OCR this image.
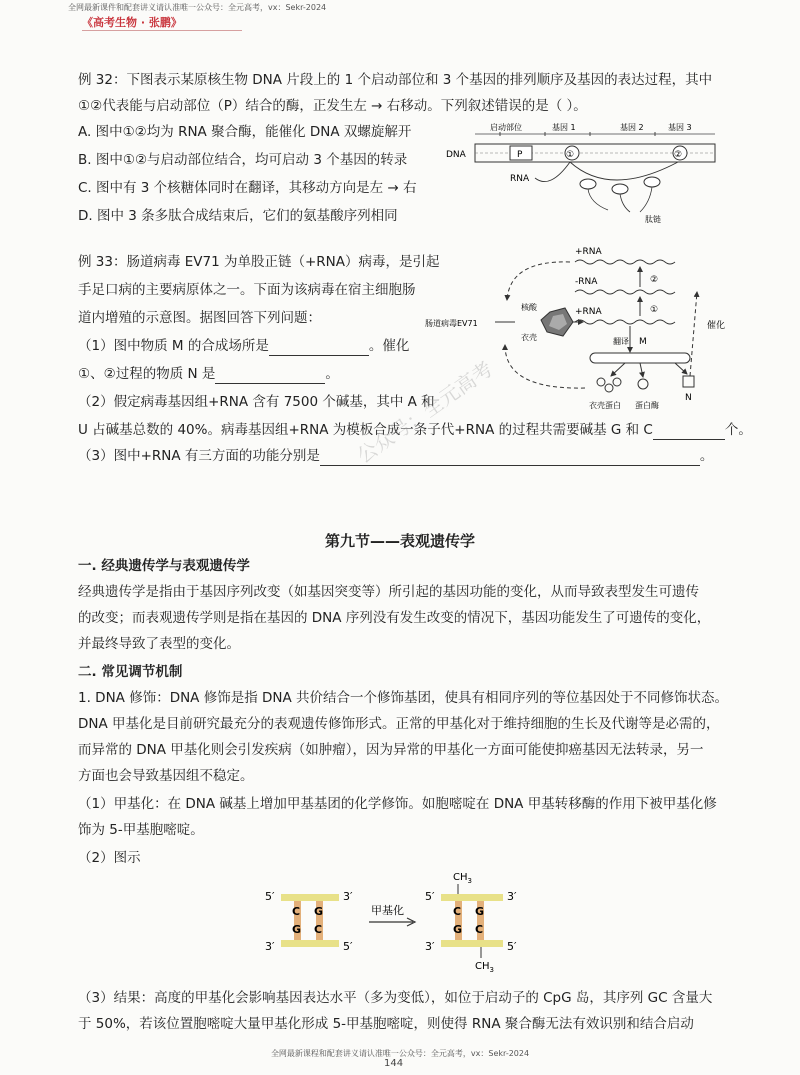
全网最新课件和配套讲义请认准唯一公众号：全元高考，vx：Sekr-2024
《高考生物 · 张鹏》
例 32：下图表示某原核生物 DNA 片段上的 1 个启动部位和 3 个基因的排列顺序及基因的表达过程，其中
①②代表能与启动部位（P）结合的酶，正发生左 → 右移动。下列叙述错误的是（ ）。
A. 图中①②均为 RNA 聚合酶，能催化 DNA 双螺旋解开
B. 图中①②与启动部位结合，均可启动 3 个基因的转录
C. 图中有 3 个核糖体同时在翻译，其移动方向是左 → 右
D. 图中 3 条多肽合成结束后，它们的氨基酸序列相同
启动部位	基因 1	基因 2	基因 3
DNA	P	①	②
RNA
肽链
例 33：肠道病毒 EV71 为单股正链（+RNA）病毒，是引起
手足口病的主要病原体之一。下面为该病毒在宿主细胞肠
道内增殖的示意图。据图回答下列问题：
（1）图中物质 M 的合成场所是	。催化
①、②过程的物质 N 是	。
（2）假定病毒基因组+RNA 含有 7500 个碱基，其中 A 和
U 占碱基总数的 40%。病毒基因组+RNA 为模板合成一条子代+RNA 的过程共需要碱基 G 和 C	个。
（3）图中+RNA 有三方面的功能分别是	。
+RNA
-RNA
+RNA	①
②
肠道病毒EV71
核酸
衣壳	翻译 M
衣壳蛋白 蛋白酶
N
催化
公众号：全元高考
第九节——表观遗传学
一. 经典遗传学与表观遗传学
经典遗传学是指由于基因序列改变（如基因突变等）所引起的基因功能的变化，从而导致表型发生可遗传
的改变；而表观遗传学则是指在基因的 DNA 序列没有发生改变的情况下，基因功能发生了可遗传的变化，
并最终导致了表型的变化。
二. 常见调节机制
1. DNA 修饰：DNA 修饰是指 DNA 共价结合一个修饰基团，使具有相同序列的等位基因处于不同修饰状态。
DNA 甲基化是目前研究最充分的表观遗传修饰形式。正常的甲基化对于维持细胞的生长及代谢等是必需的，
而异常的 DNA 甲基化则会引发疾病（如肿瘤），因为异常的甲基化一方面可能使抑癌基因无法转录，另一
方面也会导致基因组不稳定。
（1）甲基化：在 DNA 碱基上增加甲基基团的化学修饰。如胞嘧啶在 DNA 甲基转移酶的作用下被甲基化修
饰为 5-甲基胞嘧啶。
（2）图示
5′	3′
3′	5′
C
G
G
C
甲基化
5′	3′
3′	5′
C
G
G
C
$CH_3$
$CH_3$
（3）结果：高度的甲基化会影响基因表达水平（多为变低），如位于启动子的 CpG 岛，其序列 GC 含量大
于 50%，若该位置胞嘧啶大量甲基化形成 5-甲基胞嘧啶，则使得 RNA 聚合酶无法有效识别和结合启动
全网最新课程和配套讲义请认准唯一公众号：全元高考，vx：Sekr-2024
144
